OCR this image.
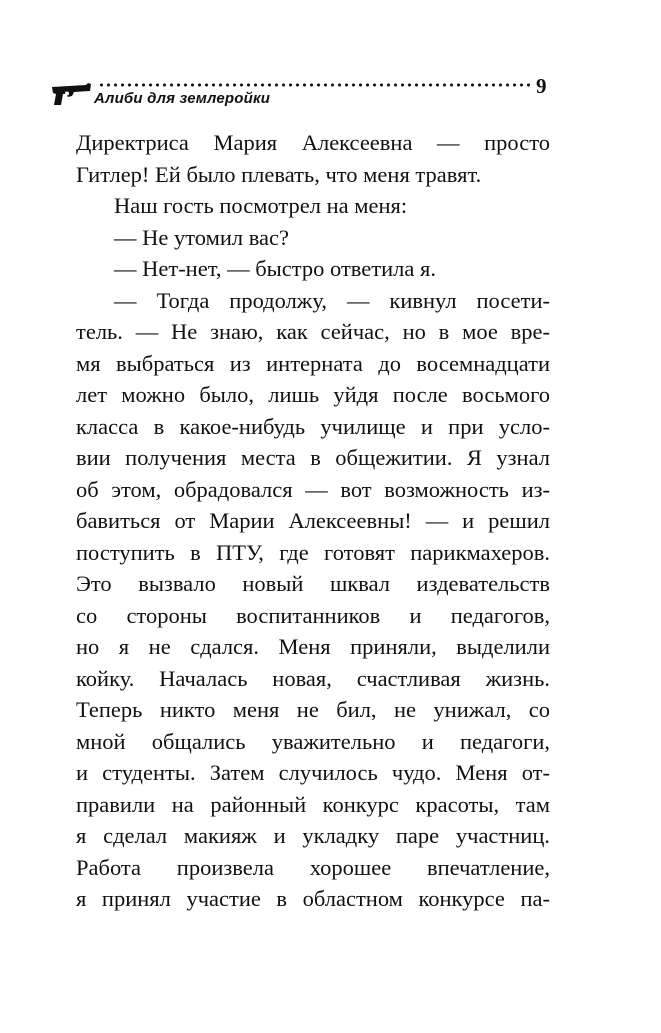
Алиби для землеройки
9
Директриса Мария Алексеевна — просто
Гитлер! Ей было плевать, что меня травят.
Наш гость посмотрел на меня:
— Не утомил вас?
— Нет-нет, — быстро ответила я.
— Тогда продолжу, — кивнул посети-
тель. — Не знаю, как сейчас, но в мое вре-
мя выбраться из интерната до восемнадцати
лет можно было, лишь уйдя после восьмого
класса в какое-нибудь училище и при усло-
вии получения места в общежитии. Я узнал
об этом, обрадовался — вот возможность из-
бавиться от Марии Алексеевны! — и решил
поступить в ПТУ, где готовят парикмахеров.
Это вызвало новый шквал издевательств
со стороны воспитанников и педагогов,
но я не сдался. Меня приняли, выделили
койку. Началась новая, счастливая жизнь.
Теперь никто меня не бил, не унижал, со
мной общались уважительно и педагоги,
и студенты. Затем случилось чудо. Меня от-
правили на районный конкурс красоты, там
я сделал макияж и укладку паре участниц.
Работа произвела хорошее впечатление,
я принял участие в областном конкурсе па-
